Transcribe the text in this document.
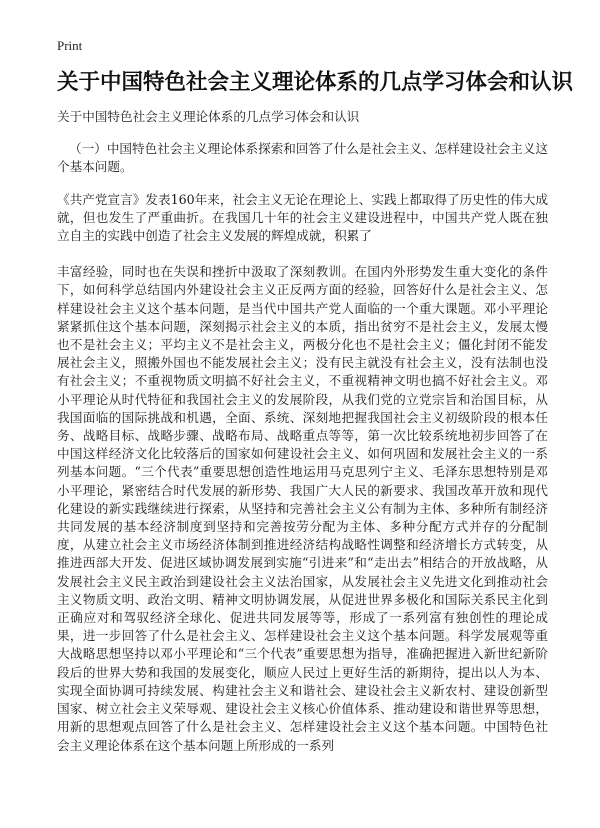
Print
关于中国特色社会主义理论体系的几点学习体会和认识

关于中国特色社会主义理论体系的几点学习体会和认识

（一）中国特色社会主义理论体系探索和回答了什么是社会主义、怎样建设社会主义这个基本问题。

《共产党宣言》发表160年来，社会主义无论在理论上、实践上都取得了历史性的伟大成就，但也发生了严重曲折。在我国几十年的社会主义建设进程中，中国共产党人既在独立自主的实践中创造了社会主义发展的辉煌成就，积累了

丰富经验，同时也在失误和挫折中汲取了深刻教训。在国内外形势发生重大变化的条件下，如何科学总结国内外建设社会主义正反两方面的经验，回答好什么是社会主义、怎样建设社会主义这个基本问题，是当代中国共产党人面临的一个重大课题。邓小平理论紧紧抓住这个基本问题，深刻揭示社会主义的本质，指出贫穷不是社会主义，发展太慢也不是社会主义；平均主义不是社会主义，两极分化也不是社会主义；僵化封闭不能发展社会主义，照搬外国也不能发展社会主义；没有民主就没有社会主义，没有法制也没有社会主义；不重视物质文明搞不好社会主义，不重视精神文明也搞不好社会主义。邓小平理论从时代特征和我国社会主义的发展阶段，从我们党的立党宗旨和治国目标，从我国面临的国际挑战和机遇，全面、系统、深刻地把握我国社会主义初级阶段的根本任务、战略目标、战略步骤、战略布局、战略重点等等，第一次比较系统地初步回答了在中国这样经济文化比较落后的国家如何建设社会主义、如何巩固和发展社会主义的一系列基本问题。“三个代表”重要思想创造性地运用马克思列宁主义、毛泽东思想特别是邓小平理论，紧密结合时代发展的新形势、我国广大人民的新要求、我国改革开放和现代化建设的新实践继续进行探索，从坚持和完善社会主义公有制为主体、多种所有制经济共同发展的基本经济制度到坚持和完善按劳分配为主体、多种分配方式并存的分配制度，从建立社会主义市场经济体制到推进经济结构战略性调整和经济增长方式转变，从推进西部大开发、促进区域协调发展到实施“引进来”和“走出去”相结合的开放战略，从发展社会主义民主政治到建设社会主义法治国家，从发展社会主义先进文化到推动社会主义物质文明、政治文明、精神文明协调发展，从促进世界多极化和国际关系民主化到正确应对和驾驭经济全球化、促进共同发展等等，形成了一系列富有独创性的理论成果，进一步回答了什么是社会主义、怎样建设社会主义这个基本问题。科学发展观等重大战略思想坚持以邓小平理论和“三个代表”重要思想为指导，准确把握进入新世纪新阶段后的世界大势和我国的发展变化，顺应人民过上更好生活的新期待，提出以人为本、实现全面协调可持续发展、构建社会主义和谐社会、建设社会主义新农村、建设创新型国家、树立社会主义荣辱观、建设社会主义核心价值体系、推动建设和谐世界等思想，用新的思想观点回答了什么是社会主义、怎样建设社会主义这个基本问题。中国特色社会主义理论体系在这个基本问题上所形成的一系列
